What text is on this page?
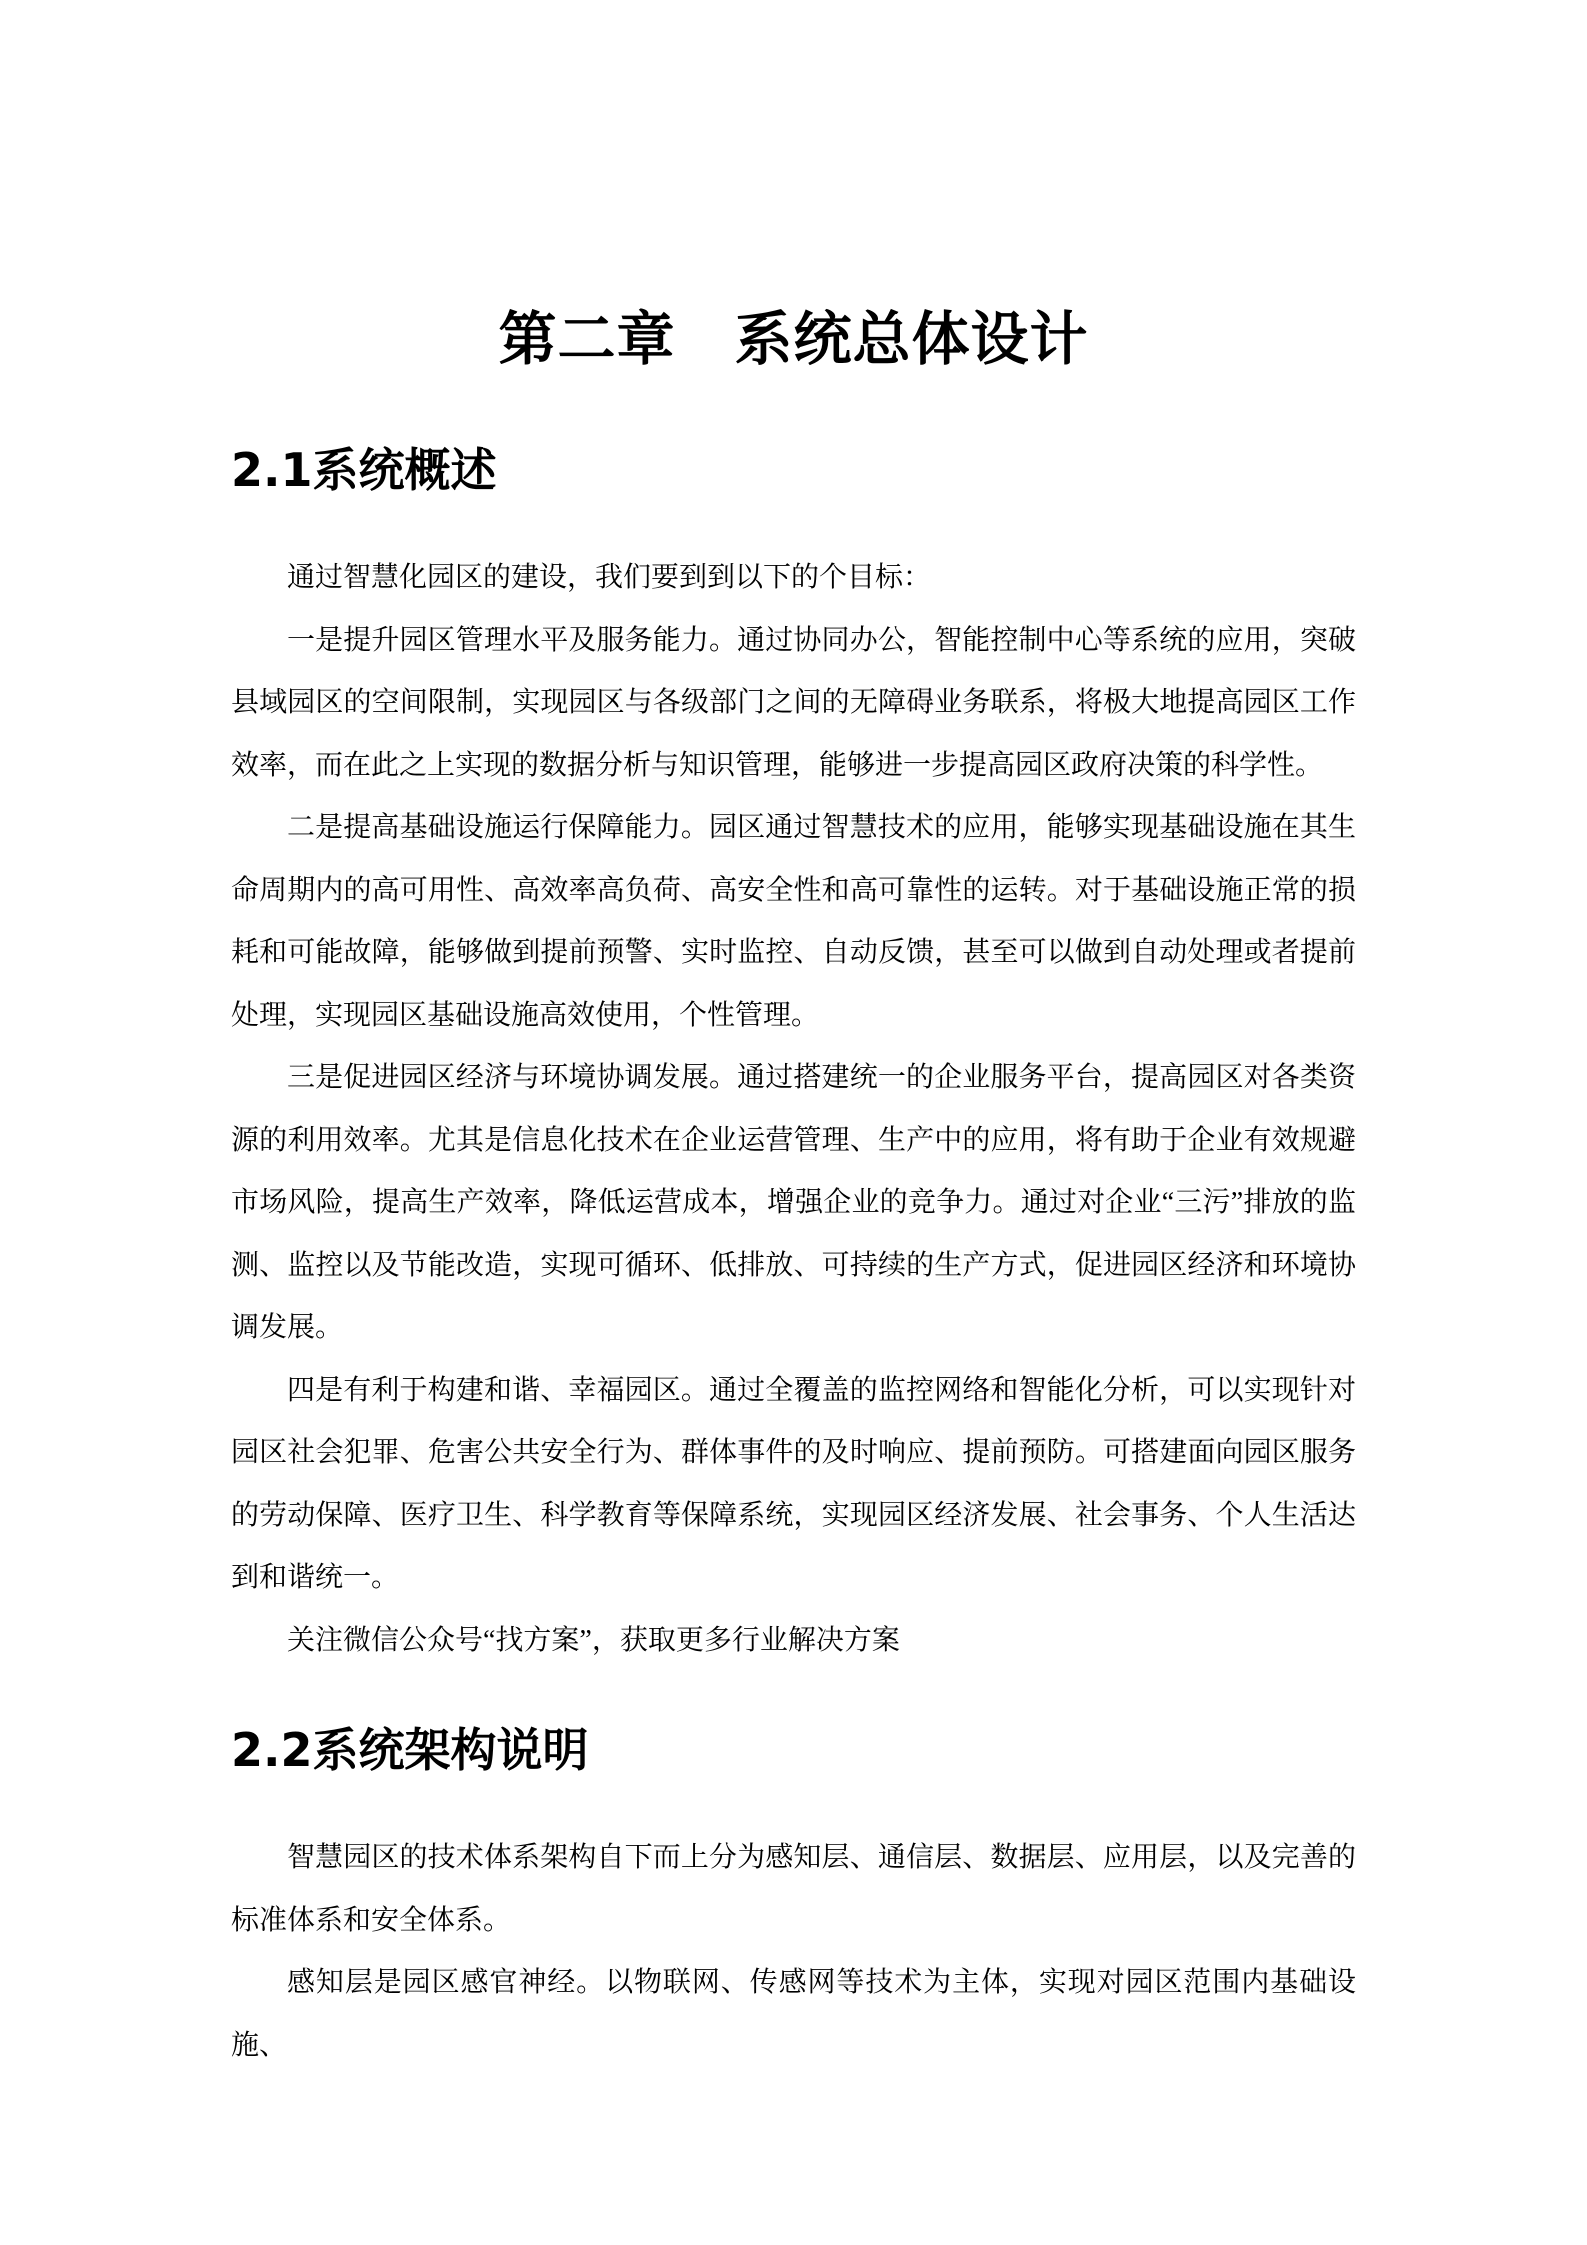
第二章　系统总体设计
2.1系统概述

通过智慧化园区的建设，我们要到到以下的个目标：

一是提升园区管理水平及服务能力。通过协同办公，智能控制中心等系统的应用，突破县域园区的空间限制，实现园区与各级部门之间的无障碍业务联系，将极大地提高园区工作效率，而在此之上实现的数据分析与知识管理，能够进一步提高园区政府决策的科学性。

二是提高基础设施运行保障能力。园区通过智慧技术的应用，能够实现基础设施在其生命周期内的高可用性、高效率高负荷、高安全性和高可靠性的运转。对于基础设施正常的损耗和可能故障，能够做到提前预警、实时监控、自动反馈，甚至可以做到自动处理或者提前处理，实现园区基础设施高效使用，个性管理。

三是促进园区经济与环境协调发展。通过搭建统一的企业服务平台，提高园区对各类资源的利用效率。尤其是信息化技术在企业运营管理、生产中的应用，将有助于企业有效规避市场风险，提高生产效率，降低运营成本，增强企业的竞争力。通过对企业“三污”排放的监测、监控以及节能改造，实现可循环、低排放、可持续的生产方式，促进园区经济和环境协调发展。

四是有利于构建和谐、幸福园区。通过全覆盖的监控网络和智能化分析，可以实现针对园区社会犯罪、危害公共安全行为、群体事件的及时响应、提前预防。可搭建面向园区服务的劳动保障、医疗卫生、科学教育等保障系统，实现园区经济发展、社会事务、个人生活达到和谐统一。

关注微信公众号“找方案”，获取更多行业解决方案

2.2系统架构说明

智慧园区的技术体系架构自下而上分为感知层、通信层、数据层、应用层，以及完善的标准体系和安全体系。

感知层是园区感官神经。以物联网、传感网等技术为主体，实现对园区范围内基础设施、
